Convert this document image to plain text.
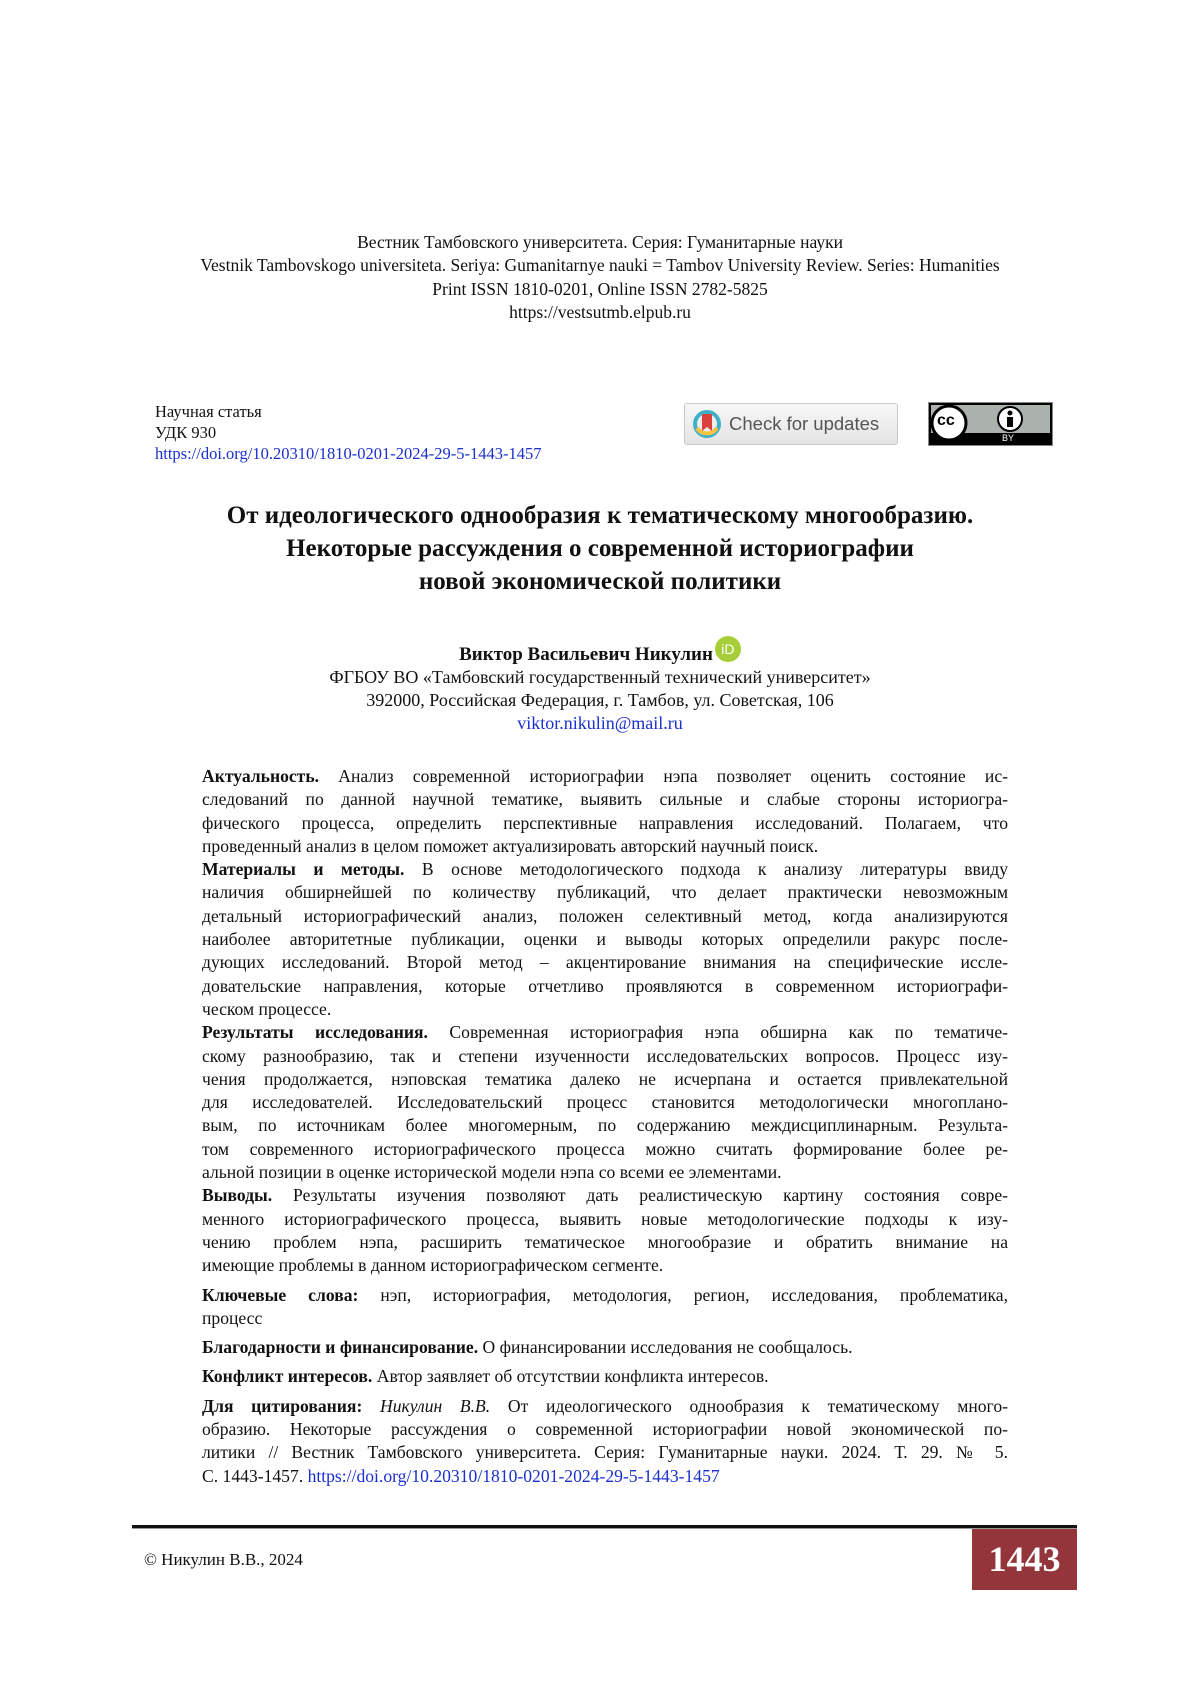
Вестник Тамбовского университета. Серия: Гуманитарные науки
Vestnik Tambovskogo universiteta. Seriya: Gumanitarnye nauki = Tambov University Review. Series: Humanities
Print ISSN 1810-0201, Online ISSN 2782-5825
https://vestsutmb.elpub.ru
Научная статья
УДК 930
https://doi.org/10.20310/1810-0201-2024-29-5-1443-1457
Check for updates	cc
BY
От идеологического однообразия к тематическому многообразию.
Некоторые рассуждения о современной историографии
новой экономической политики
Виктор Васильевич Никулин iD
ФГБОУ ВО «Тамбовский государственный технический университет»
392000, Российская Федерация, г. Тамбов, ул. Советская, 106
viktor.nikulin@mail.ru
Актуальность. Анализ современной историографии нэпа позволяет оценить состояние ис-
следований по данной научной тематике, выявить сильные и слабые стороны историогра-
фического процесса, определить перспективные направления исследований. Полагаем, что
проведенный анализ в целом поможет актуализировать авторский научный поиск.
Материалы и методы. В основе методологического подхода к анализу литературы ввиду
наличия обширнейшей по количеству публикаций, что делает практически невозможным
детальный историографический анализ, положен селективный метод, когда анализируются
наиболее авторитетные публикации, оценки и выводы которых определили ракурс после-
дующих исследований. Второй метод – акцентирование внимания на специфические иссле-
довательские направления, которые отчетливо проявляются в современном историографи-
ческом процессе.
Результаты исследования. Современная историография нэпа обширна как по тематиче-
скому разнообразию, так и степени изученности исследовательских вопросов. Процесс изу-
чения продолжается, нэповская тематика далеко не исчерпана и остается привлекательной
для исследователей. Исследовательский процесс становится методологически многоплано-
вым, по источникам более многомерным, по содержанию междисциплинарным. Результа-
том современного историографического процесса можно считать формирование более ре-
альной позиции в оценке исторической модели нэпа со всеми ее элементами.
Выводы. Результаты изучения позволяют дать реалистическую картину состояния совре-
менного историографического процесса, выявить новые методологические подходы к изу-
чению проблем нэпа, расширить тематическое многообразие и обратить внимание на
имеющие проблемы в данном историографическом сегменте.
Ключевые слова: нэп, историография, методология, регион, исследования, проблематика,
процесс
Благодарности и финансирование. О финансировании исследования не сообщалось.
Конфликт интересов. Автор заявляет об отсутствии конфликта интересов.
Для цитирования: Никулин В.В. От идеологического однообразия к тематическому много-
образию. Некоторые рассуждения о современной историографии новой экономической по-
литики // Вестник Тамбовского университета. Серия: Гуманитарные науки. 2024. Т. 29. № 5.
С. 1443-1457. https://doi.org/10.20310/1810-0201-2024-29-5-1443-1457
© Никулин В.В., 2024	1443
